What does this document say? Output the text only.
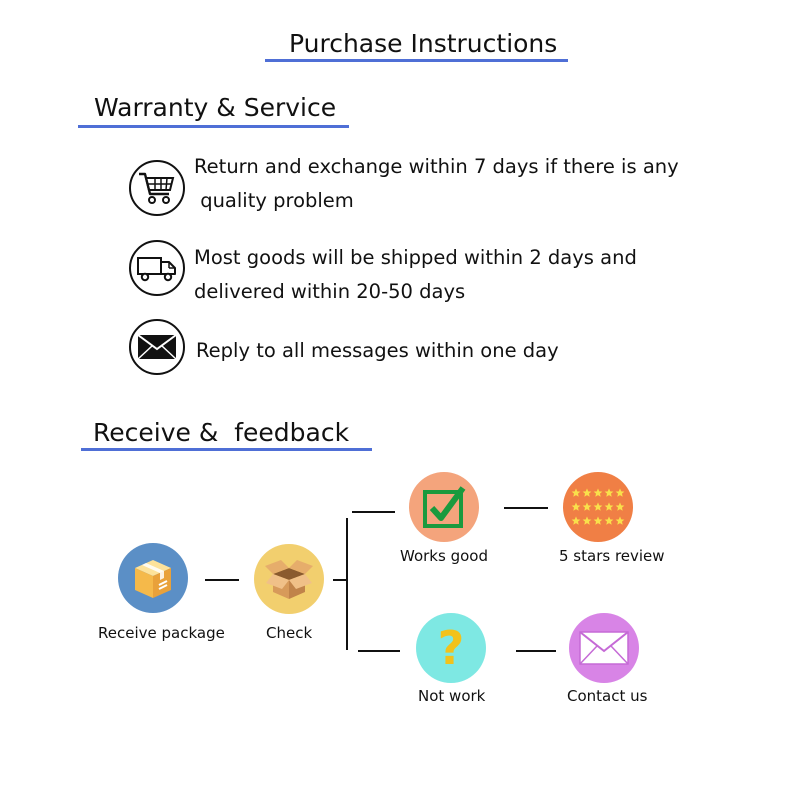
Purchase Instructions
Warranty & Service
Return and exchange within 7 days if there is any
quality problem
Most goods will be shipped within 2 days and
delivered within 20-50 days
Reply to all messages within one day
Receive &  feedback
Receive package	Check
Works good	5 stars review
?
Not work	Contact us
